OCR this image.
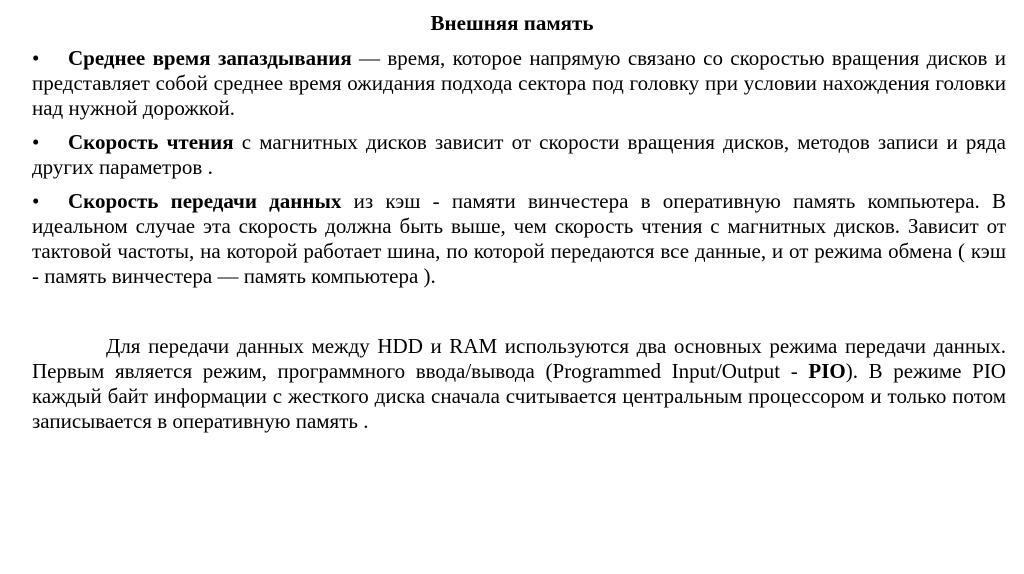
Внешняя память

• Среднее время запаздывания — время, которое напрямую связано со скоростью вращения дисков и представляет собой среднее время ожидания подхода сектора под головку при условии нахождения головки над нужной дорожкой.

• Скорость чтения с магнитных дисков зависит от скорости вращения дисков, методов записи и ряда других параметров .

• Скорость передачи данных из кэш - памяти винчестера в оперативную память компьютера. В идеальном случае эта скорость должна быть выше, чем скорость чтения с магнитных дисков. Зависит от тактовой частоты, на которой работает шина, по которой передаются все данные, и от режима обмена ( кэш - память винчестера — память компьютера ).

Для передачи данных между HDD и RAM используются два основных режима передачи данных. Первым является режим, программного ввода/вывода (Programmed Input/Output - PIO). В режиме PIO каждый байт информации с жесткого диска сначала считывается центральным процессором и только потом записывается в оперативную память .
